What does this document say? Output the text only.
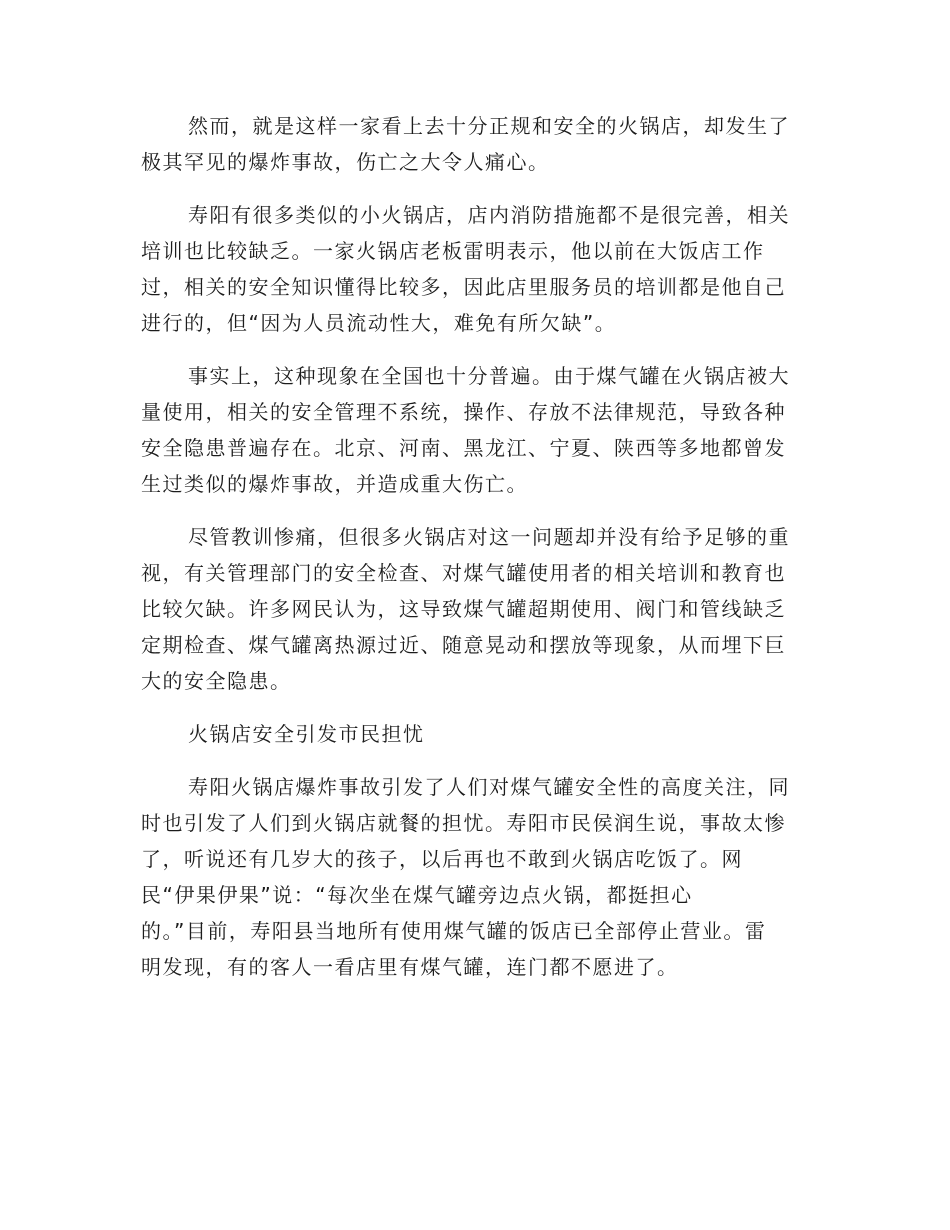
然而，就是这样一家看上去十分正规和安全的火锅店，却发生了
极其罕见的爆炸事故，伤亡之大令人痛心。
寿阳有很多类似的小火锅店，店内消防措施都不是很完善，相关
培训也比较缺乏。一家火锅店老板雷明表示，他以前在大饭店工作
过，相关的安全知识懂得比较多，因此店里服务员的培训都是他自己
进行的，但“因为人员流动性大，难免有所欠缺”。
事实上，这种现象在全国也十分普遍。由于煤气罐在火锅店被大
量使用，相关的安全管理不系统，操作、存放不法律规范，导致各种
安全隐患普遍存在。北京、河南、黑龙江、宁夏、陕西等多地都曾发
生过类似的爆炸事故，并造成重大伤亡。
尽管教训惨痛，但很多火锅店对这一问题却并没有给予足够的重
视，有关管理部门的安全检查、对煤气罐使用者的相关培训和教育也
比较欠缺。许多网民认为，这导致煤气罐超期使用、阀门和管线缺乏
定期检查、煤气罐离热源过近、随意晃动和摆放等现象，从而埋下巨
大的安全隐患。
火锅店安全引发市民担忧
寿阳火锅店爆炸事故引发了人们对煤气罐安全性的高度关注，同
时也引发了人们到火锅店就餐的担忧。寿阳市民侯润生说，事故太惨
了，听说还有几岁大的孩子，以后再也不敢到火锅店吃饭了。网
民“伊果伊果”说：“每次坐在煤气罐旁边点火锅，都挺担心
的。”目前，寿阳县当地所有使用煤气罐的饭店已全部停止营业。雷
明发现，有的客人一看店里有煤气罐，连门都不愿进了。
